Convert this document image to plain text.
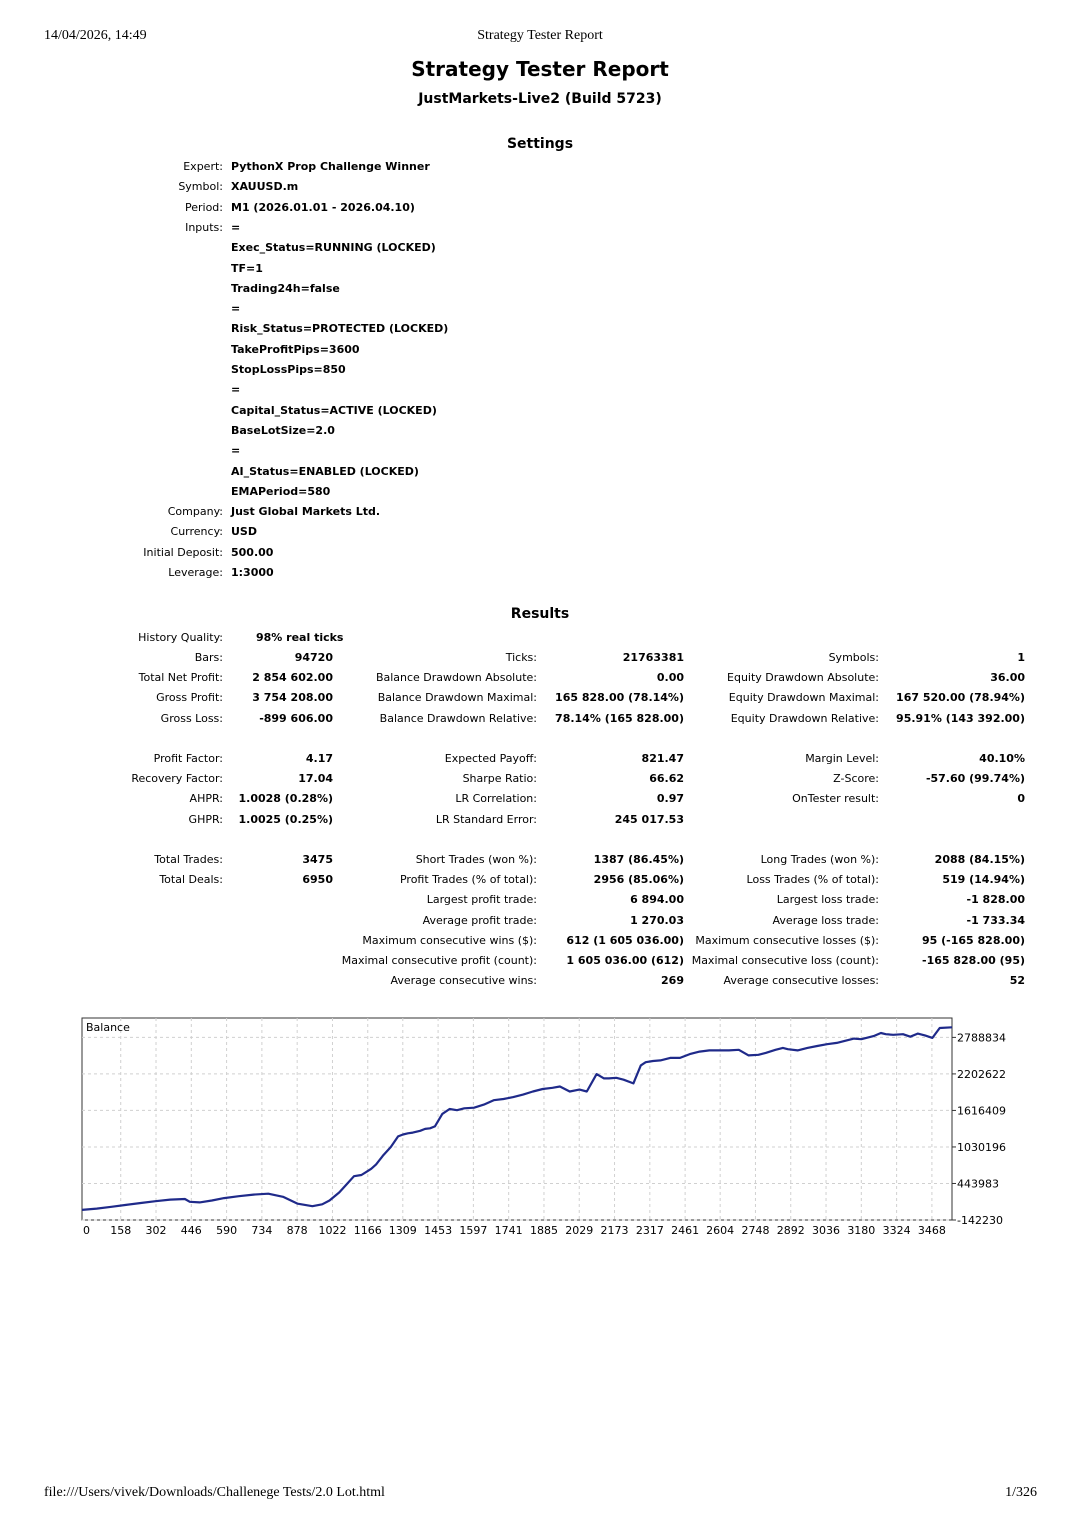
14/04/2026, 14:49	Strategy Tester Report
Strategy Tester Report
JustMarkets-Live2 (Build 5723)
Settings
Expert: PythonX Prop Challenge Winner
Symbol: XAUUSD.m
Period: M1 (2026.01.01 - 2026.04.10)
Inputs: =
Exec_Status=RUNNING (LOCKED)
TF=1
Trading24h=false
=
Risk_Status=PROTECTED (LOCKED)
TakeProfitPips=3600
StopLossPips=850
=
Capital_Status=ACTIVE (LOCKED)
BaseLotSize=2.0
=
AI_Status=ENABLED (LOCKED)
EMAPeriod=580
Company: Just Global Markets Ltd.
Currency: USD
Initial Deposit: 500.00
Leverage: 1:3000
Results
History Quality:	98% real ticks
Bars:	94720	Ticks:	21763381	Symbols:	1
Total Net Profit:	2 854 602.00	Balance Drawdown Absolute:	0.00	Equity Drawdown Absolute:	36.00
Gross Profit:	3 754 208.00	Balance Drawdown Maximal: 165 828.00 (78.14%)	Equity Drawdown Maximal: 167 520.00 (78.94%)
Gross Loss:	-899 606.00	Balance Drawdown Relative: 78.14% (165 828.00)	Equity Drawdown Relative: 95.91% (143 392.00)
Profit Factor:	4.17	Expected Payoff:	821.47	Margin Level:	40.10%
Recovery Factor:	17.04	Sharpe Ratio:	66.62	Z-Score:	-57.60 (99.74%)
AHPR: 1.0028 (0.28%)	LR Correlation:	0.97	OnTester result:	0
GHPR: 1.0025 (0.25%)	LR Standard Error:	245 017.53
Total Trades:	3475	Short Trades (won %):	1387 (86.45%)	Long Trades (won %):	2088 (84.15%)
Total Deals:	6950	Profit Trades (% of total):	2956 (85.06%)	Loss Trades (% of total):	519 (14.94%)
Largest profit trade:	6 894.00	Largest loss trade:	-1 828.00
Average profit trade:	1 270.03	Average loss trade:	-1 733.34
Maximum consecutive wins ($):	612 (1 605 036.00) Maximum consecutive losses ($):	95 (-165 828.00)
Maximal consecutive profit (count):	1 605 036.00 (612) Maximal consecutive loss (count):	-165 828.00 (95)
Average consecutive wins:	269	Average consecutive losses:	52
Balance
0 158 302 446 590 734 878 1022 1166 1309 1453 1597 1741 1885 2029 2173 2317 2461 2604 2748 2892 3036 3180 3324 3468
2788834
2202622
1616409
1030196
443983
-142230
file:///Users/vivek/Downloads/Challenege Tests/2.0 Lot.html	1/326
